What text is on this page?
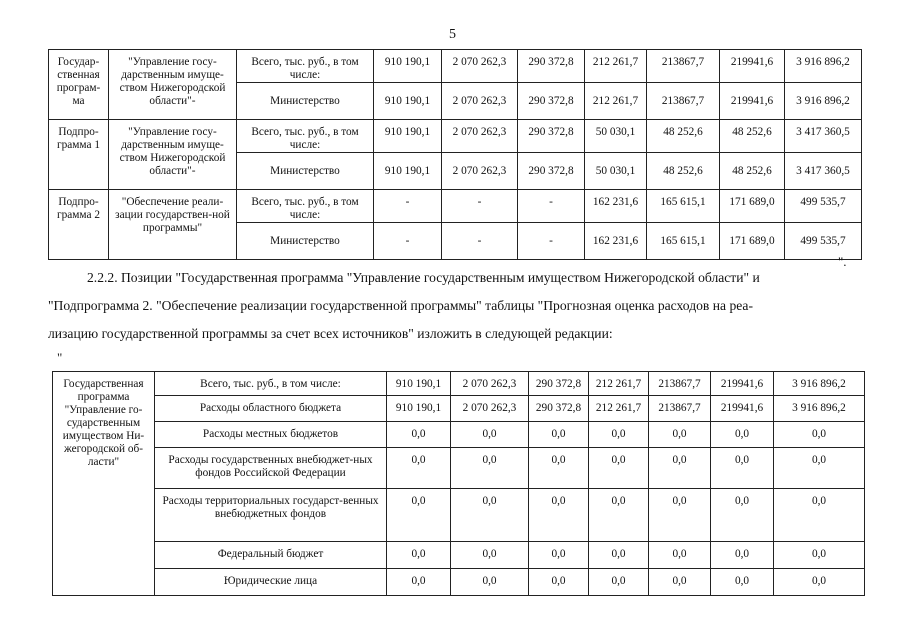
5
Государ-ственная програм-ма	"Управление госу-дарственным имуще-ством Нижегородской области"-	Всего, тыс. руб., в том числе:	910 190,1	2 070 262,3	290 372,8	212 261,7	213867,7	219941,6	3 916 896,2
		Министерство	910 190,1	2 070 262,3	290 372,8	212 261,7	213867,7	219941,6	3 916 896,2
Подпро-грамма 1	"Управление госу-дарственным имуще-ством Нижегородской области"-	Всего, тыс. руб., в том числе:	910 190,1	2 070 262,3	290 372,8	50 030,1	48 252,6	48 252,6	3 417 360,5
		Министерство	910 190,1	2 070 262,3	290 372,8	50 030,1	48 252,6	48 252,6	3 417 360,5
Подпро-грамма 2	"Обеспечение реали-зации государствен-ной программы"	Всего, тыс. руб., в том числе:	-	-	-	162 231,6	165 615,1	171 689,0	499 535,7
		Министерство	-	-	-	162 231,6	165 615,1	171 689,0	499 535,7
".
2.2.2. Позиции "Государственная программа "Управление государственным имуществом Нижегородской области" и
"Подпрограмма 2. "Обеспечение реализации государственной программы" таблицы "Прогнозная оценка расходов на реа-
лизацию государственной программы за счет всех источников" изложить в следующей редакции:
"
Государственная программа "Управление го-сударственным имуществом Ни-жегородской об-ласти"	Всего, тыс. руб., в том числе:	910 190,1	2 070 262,3	290 372,8	212 261,7	213867,7	219941,6	3 916 896,2
	Расходы областного бюджета	910 190,1	2 070 262,3	290 372,8	212 261,7	213867,7	219941,6	3 916 896,2
	Расходы местных бюджетов	0,0	0,0	0,0	0,0	0,0	0,0	0,0
	Расходы государственных внебюджет-ных фондов Российской Федерации	0,0	0,0	0,0	0,0	0,0	0,0	0,0
	Расходы территориальных государст-венных внебюджетных фондов	0,0	0,0	0,0	0,0	0,0	0,0	0,0
	Федеральный бюджет	0,0	0,0	0,0	0,0	0,0	0,0	0,0
	Юридические лица	0,0	0,0	0,0	0,0	0,0	0,0	0,0
